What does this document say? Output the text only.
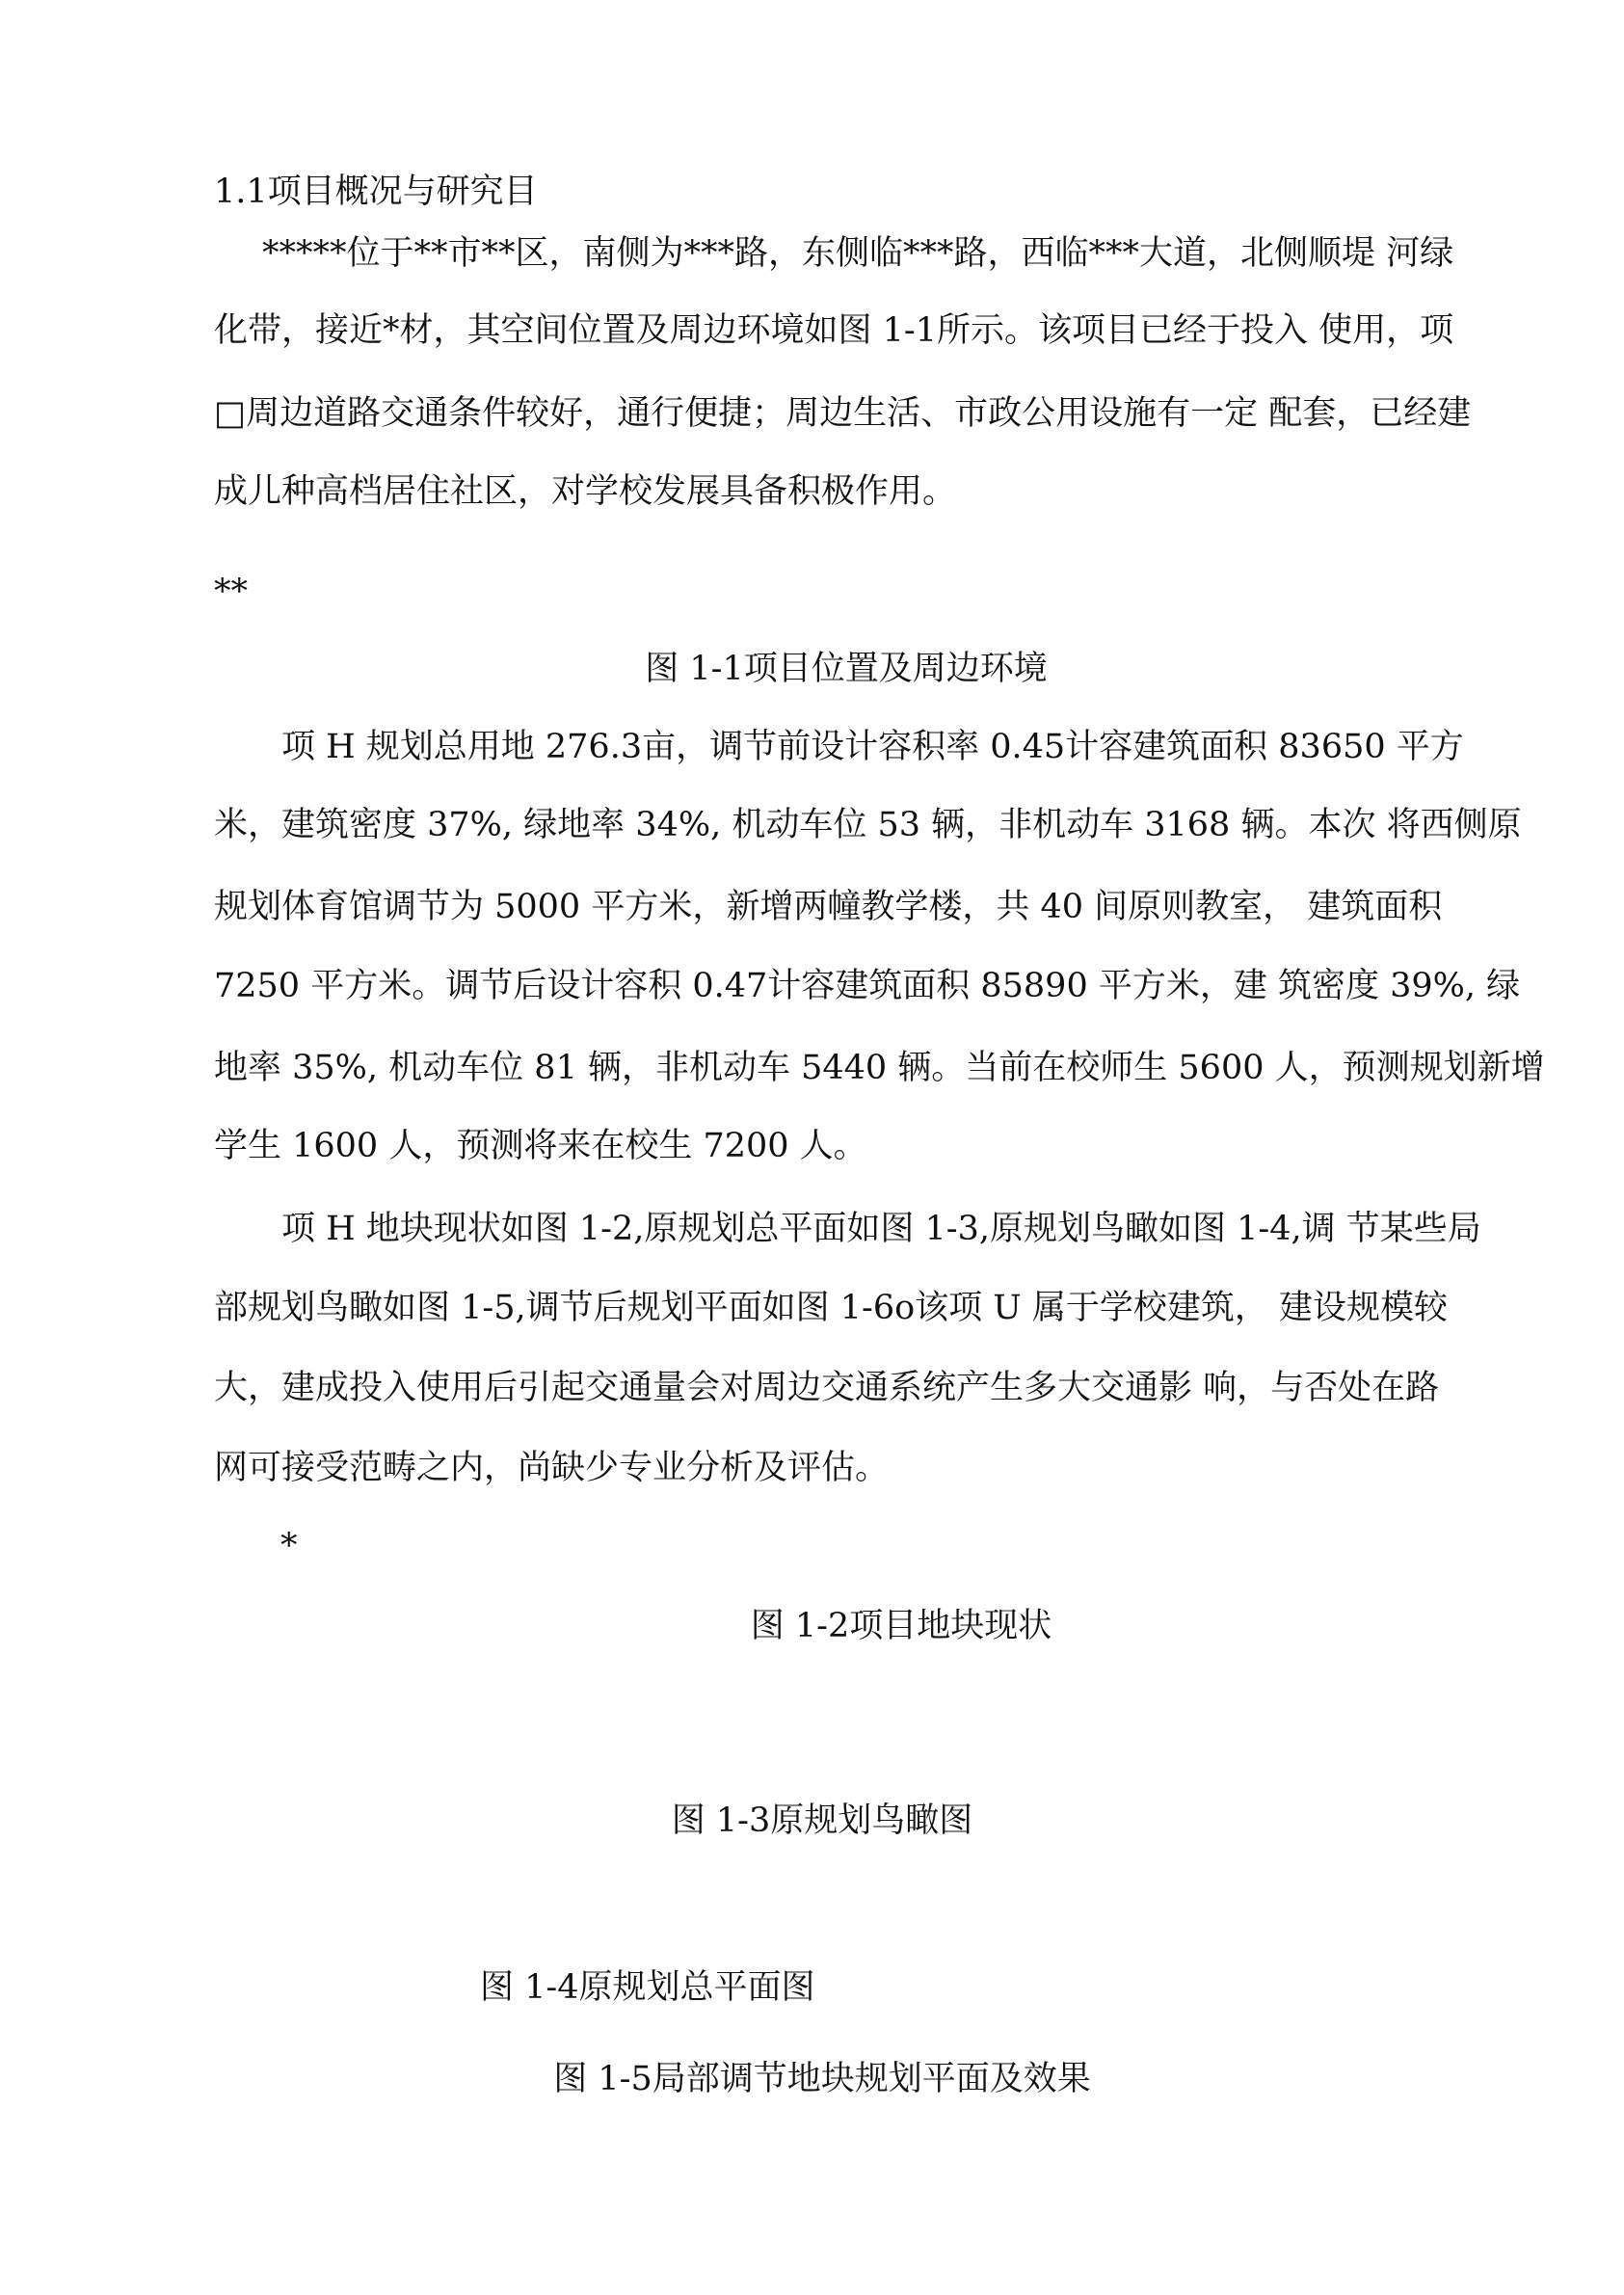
1.1项目概况与研究目
*****位于**市**区，南侧为***路，东侧临***路，西临***大道，北侧顺堤 河绿
化带，接近*材，其空间位置及周边环境如图 1-1所示。该项目已经于投入 使用，项
□周边道路交通条件较好，通行便捷；周边生活、市政公用设施有一定 配套，已经建
成儿种高档居住社区，对学校发展具备积极作用。
**
图 1-1项目位置及周边环境
项 H 规划总用地 276.3亩，调节前设计容积率 0.45计容建筑面积 83650 平方
米，建筑密度 37%, 绿地率 34%, 机动车位 53 辆，非机动车 3168 辆。本次 将西侧原
规划体育馆调节为 5000 平方米，新增两幢教学楼，共 40 间原则教室， 建筑面积
7250 平方米。调节后设计容积 0.47计容建筑面积 85890 平方米，建 筑密度 39%, 绿
地率 35%, 机动车位 81 辆，非机动车 5440 辆。当前在校师生 5600 人，预测规划新增
学生 1600 人，预测将来在校生 7200 人。
项 H 地块现状如图 1-2,原规划总平面如图 1-3,原规划鸟瞰如图 1-4,调 节某些局
部规划鸟瞰如图 1-5,调节后规划平面如图 1-6o该项 U 属于学校建筑， 建设规模较
大，建成投入使用后引起交通量会对周边交通系统产生多大交通影 响，与否处在路
网可接受范畴之内，尚缺少专业分析及评估。
*
图 1-2项目地块现状
图 1-3原规划鸟瞰图
图 1-4原规划总平面图
图 1-5局部调节地块规划平面及效果
